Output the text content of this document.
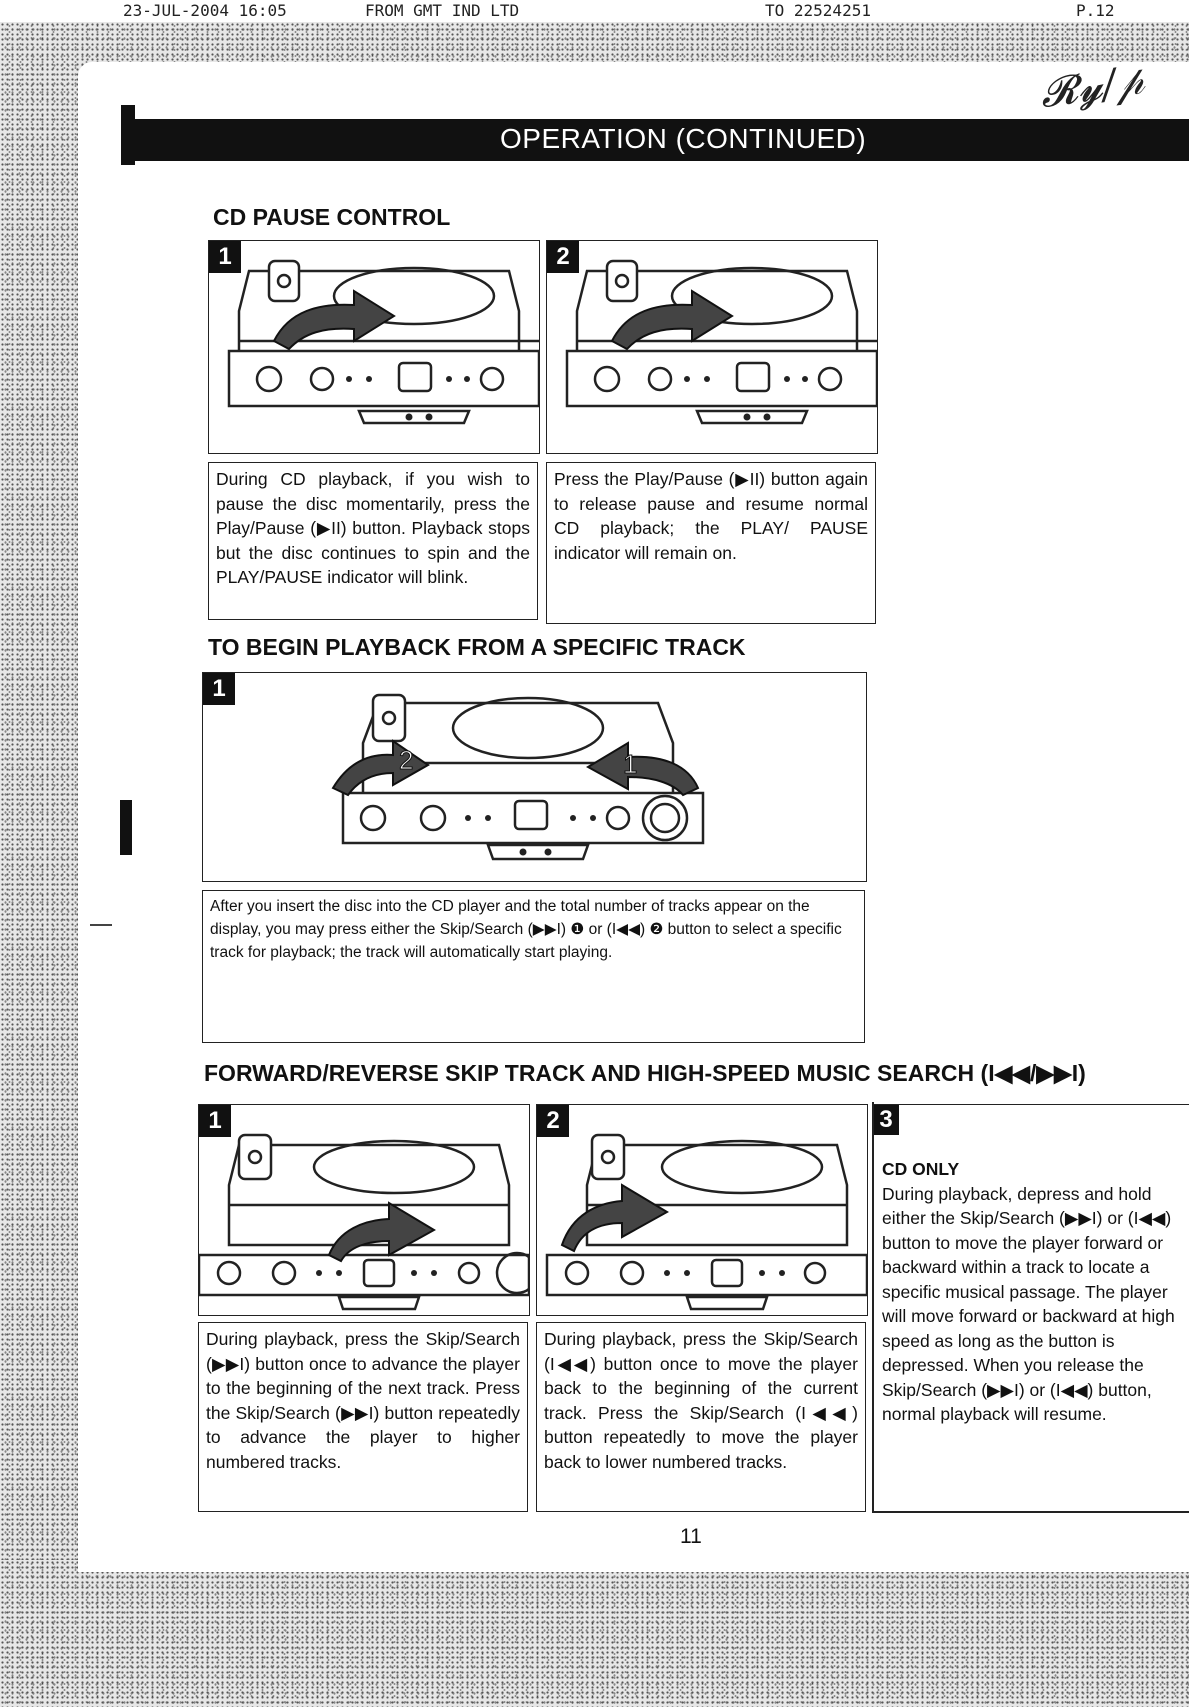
23-JUL-2004 16:05	FROM GMT IND LTD	TO 22524251	P.12
𝓡𝔂/𝓅
OPERATION (CONTINUED)
CD PAUSE CONTROL
1	2
During CD playback, if you wish to pause the disc momentarily, press the Play/Pause (▶II) button. Playback stops but the disc continues to spin and the PLAY/PAUSE indicator will blink.
Press the Play/Pause (▶II) button again to release pause and resume normal CD playback; the PLAY/ PAUSE indicator will remain on.
TO BEGIN PLAYBACK FROM A SPECIFIC TRACK
1
2	1
After you insert the disc into the CD player and the total number of tracks appear on the display, you may press either the Skip/Search (▶▶I) ❶ or (I◀◀) ❷ button to select a specific track for playback; the track will automatically start playing.
FORWARD/REVERSE SKIP TRACK AND HIGH-SPEED MUSIC SEARCH (I◀◀/▶▶I)
1	2
During playback, press the Skip/Search (▶▶I) button once to advance the player to the beginning of the next track. Press the Skip/Search (▶▶I) button repeatedly to advance the player to higher numbered tracks.
During playback, press the Skip/Search (I◀◀) button once to move the player back to the beginning of the current track. Press the Skip/Search (I◀◀) button repeatedly to move the player back to lower numbered tracks.
3
CD ONLY
During playback, depress and hold either the Skip/Search (▶▶I) or (I◀◀) button to move the player forward or backward within a track to locate a specific musical passage. The player will move forward or backward at high speed as long as the button is depressed. When you release the Skip/Search (▶▶I) or (I◀◀) button, normal playback will resume.
11
